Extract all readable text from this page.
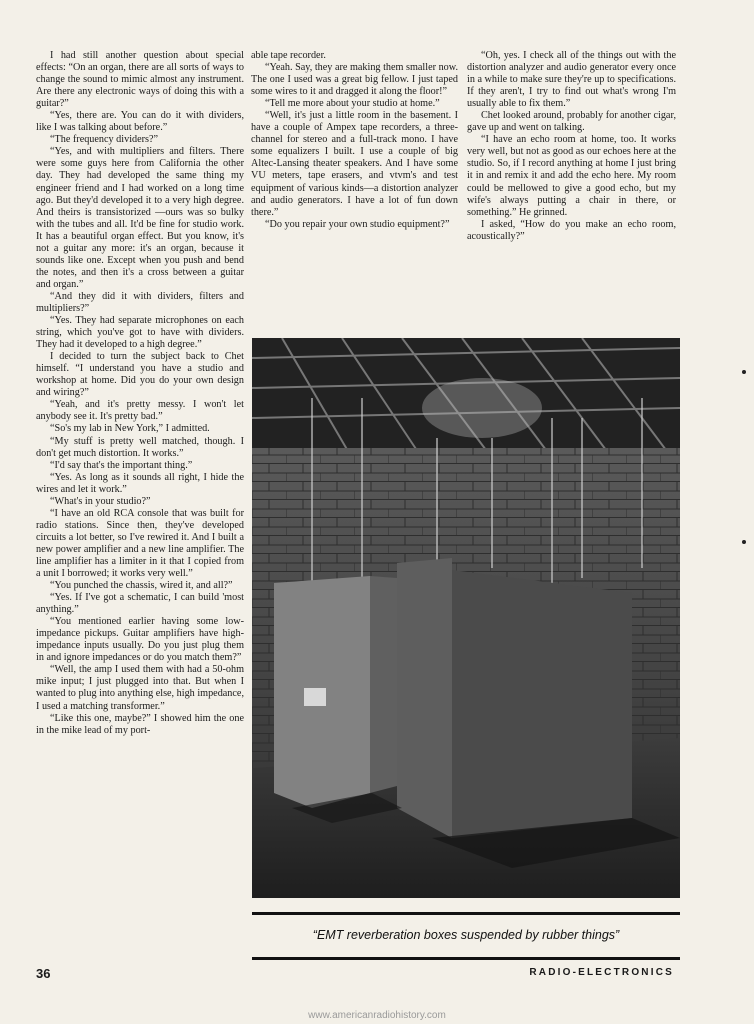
I had still another question about special effects: “On an organ, there are all sorts of ways to change the sound to mimic almost any instrument. Are there any electronic ways of doing this with a guitar?”

“Yes, there are. You can do it with dividers, like I was talking about before.”

“The frequency dividers?”

“Yes, and with multipliers and filters. There were some guys here from California the other day. They had developed the same thing my engineer friend and I had worked on a long time ago. But they'd developed it to a very high degree. And theirs is transistorized —ours was so bulky with the tubes and all. It'd be fine for studio work. It has a beautiful organ effect. But you know, it's not a guitar any more: it's an organ, because it sounds like one. Except when you push and bend the notes, and then it's a cross between a guitar and organ.”

“And they did it with dividers, filters and multipliers?”

“Yes. They had separate microphones on each string, which you've got to have with dividers. They had it developed to a high degree.”

I decided to turn the subject back to Chet himself. “I understand you have a studio and workshop at home. Did you do your own design and wiring?”

“Yeah, and it's pretty messy. I won't let anybody see it. It's pretty bad.”

“So's my lab in New York,” I admitted.

“My stuff is pretty well matched, though. I don't get much distortion. It works.”

“I'd say that's the important thing.”

“Yes. As long as it sounds all right, I hide the wires and let it work.”

“What's in your studio?”

“I have an old RCA console that was built for radio stations. Since then, they've developed circuits a lot better, so I've rewired it. And I built a new power amplifier and a new line amplifier. The line amplifier has a limiter in it that I copied from a unit I borrowed; it works very well.”

“You punched the chassis, wired it, and all?”

“Yes. If I've got a schematic, I can build 'most anything.”

“You mentioned earlier having some low-impedance pickups. Guitar amplifiers have high-impedance inputs usually. Do you just plug them in and ignore impedances or do you match them?”

“Well, the amp I used them with had a 50-ohm mike input; I just plugged into that. But when I wanted to plug into anything else, high impedance, I used a matching transformer.”

“Like this one, maybe?” I showed him the one in the mike lead of my port-

able tape recorder.

“Yeah. Say, they are making them smaller now. The one I used was a great big fellow. I just taped some wires to it and dragged it along the floor!”

“Tell me more about your studio at home.”

“Well, it's just a little room in the basement. I have a couple of Ampex tape recorders, a three-channel for stereo and a full-track mono. I have some equalizers I built. I use a couple of big Altec-Lansing theater speakers. And I have some VU meters, tape erasers, and vtvm's and test equipment of various kinds—a distortion analyzer and audio generators. I have a lot of fun down there.”

“Do you repair your own studio equipment?”

“Oh, yes. I check all of the things out with the distortion analyzer and audio generator every once in a while to make sure they're up to specifications. If they aren't, I try to find out what's wrong I'm usually able to fix them.”

Chet looked around, probably for another cigar, gave up and went on talking.

“I have an echo room at home, too. It works very well, but not as good as our echoes here at the studio. So, if I record anything at home I just bring it in and remix it and add the echo here. My room could be mellowed to give a good echo, but my wife's always putting a chair in there, or something.” He grinned.

I asked, “How do you make an echo room, acoustically?”

“EMT reverberation boxes suspended by rubber things”
36	RADIO-ELECTRONICS
www.americanradiohistory.com
